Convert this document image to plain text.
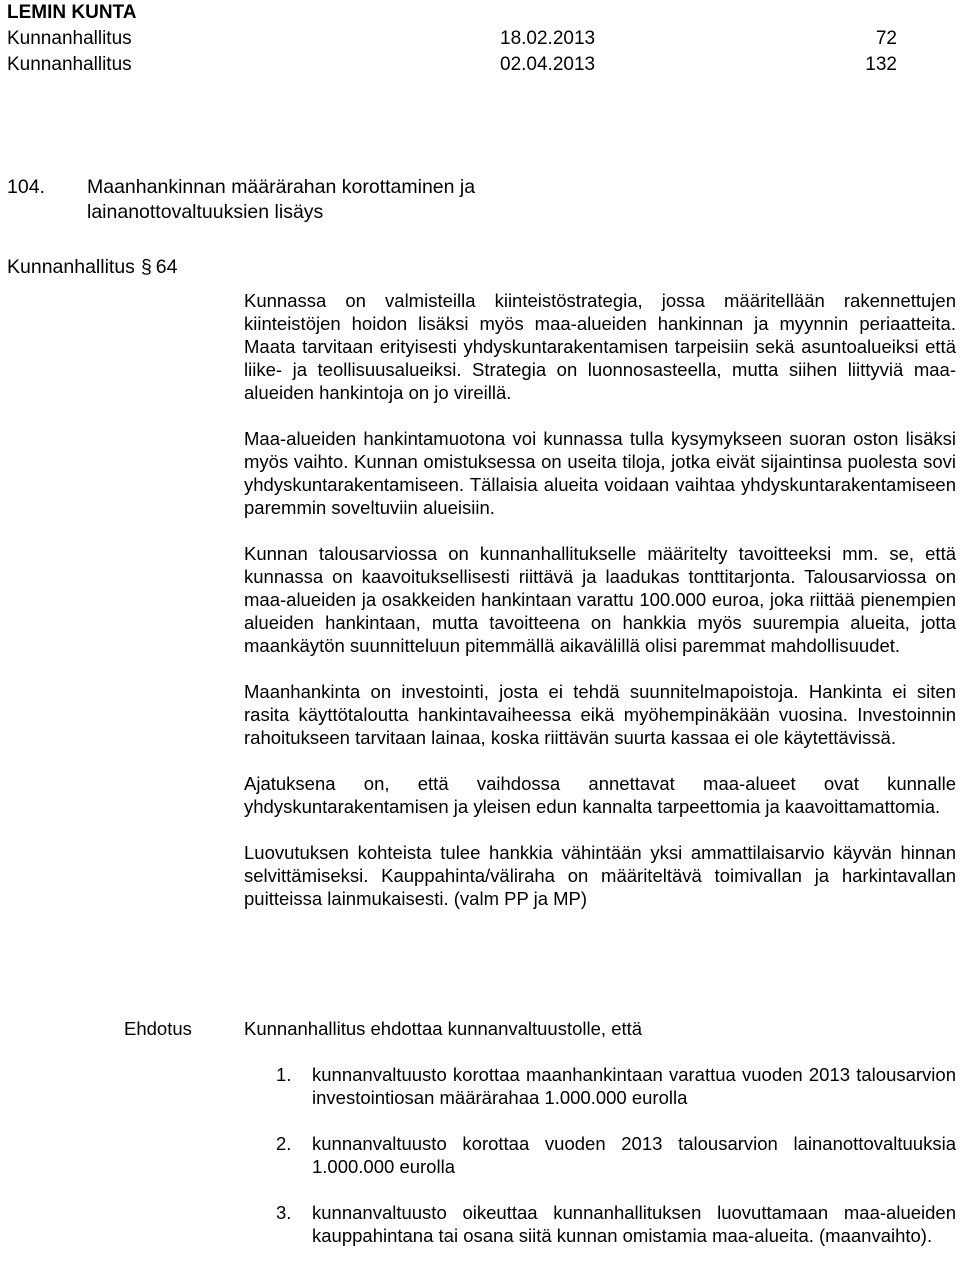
LEMIN KUNTA
Kunnanhallitus	18.02.2013	72
Kunnanhallitus	02.04.2013	132
104. Maanhankinnan määrärahan korottaminen ja
lainanottovaltuuksien lisäys
Kunnanhallitus § 64

Kunnassa on valmisteilla kiinteistöstrategia, jossa määritellään rakennettujen kiinteistöjen hoidon lisäksi myös maa-alueiden hankinnan ja myynnin periaatteita. Maata tarvitaan erityisesti yhdyskuntarakentamisen tarpeisiin sekä asuntoalueiksi että liike- ja teollisuusalueiksi. Strategia on luonnosasteella, mutta siihen liittyviä maa-alueiden hankintoja on jo vireillä.

Maa-alueiden hankintamuotona voi kunnassa tulla kysymykseen suoran oston lisäksi myös vaihto. Kunnan omistuksessa on useita tiloja, jotka eivät sijaintinsa puolesta sovi yhdyskuntarakentamiseen. Tällaisia alueita voidaan vaihtaa yhdyskuntarakentamiseen paremmin soveltuviin alueisiin.

Kunnan talousarviossa on kunnanhallitukselle määritelty tavoitteeksi mm. se, että kunnassa on kaavoituksellisesti riittävä ja laadukas tonttitarjonta. Talousarviossa on maa-alueiden ja osakkeiden hankintaan varattu 100.000 euroa, joka riittää pienempien alueiden hankintaan, mutta tavoitteena on hankkia myös suurempia alueita, jotta maankäytön suunnitteluun pitemmällä aikavälillä olisi paremmat mahdollisuudet.

Maanhankinta on investointi, josta ei tehdä suunnitelmapoistoja. Hankinta ei siten rasita käyttötaloutta hankintavaiheessa eikä myöhempinäkään vuosina. Investoinnin rahoitukseen tarvitaan lainaa, koska riittävän suurta kassaa ei ole käytettävissä.

Ajatuksena on, että vaihdossa annettavat maa-alueet ovat kunnalle yhdyskuntarakentamisen ja yleisen edun kannalta tarpeettomia ja kaavoittamattomia.

Luovutuksen kohteista tulee hankkia vähintään yksi ammattilaisarvio käyvän hinnan selvittämiseksi. Kauppahinta/väliraha on määriteltävä toimivallan ja harkintavallan puitteissa lainmukaisesti. (valm PP ja MP)

Ehdotus	Kunnanhallitus ehdottaa kunnanvaltuustolle, että
1. kunnanvaltuusto korottaa maanhankintaan varattua vuoden 2013 talousarvion investointiosan määrärahaa 1.000.000 eurolla
2. kunnanvaltuusto korottaa vuoden 2013 talousarvion lainanottovaltuuksia 1.000.000 eurolla
3. kunnanvaltuusto oikeuttaa kunnanhallituksen luovuttamaan maa-alueiden kauppahintana tai osana siitä kunnan omistamia maa-alueita. (maanvaihto).
